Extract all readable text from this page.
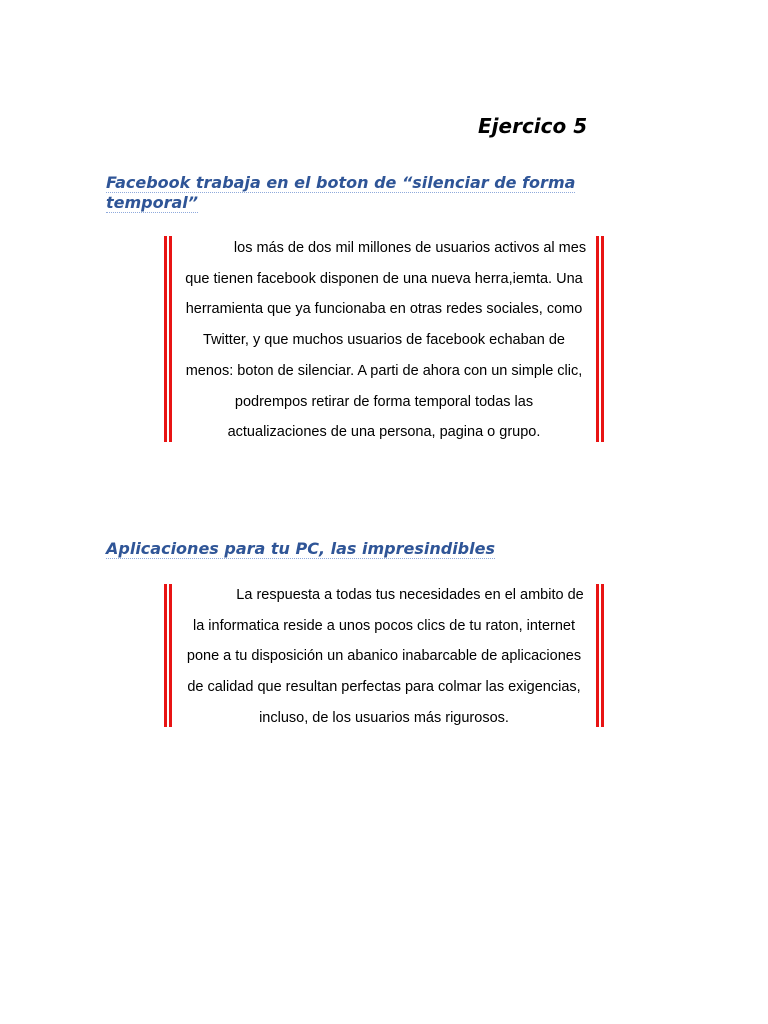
Ejercico 5
Facebook trabaja en el boton de “silenciar de forma
temporal”

los más de dos mil millones de usuarios activos al mes
que tienen facebook disponen de una nueva herra,iemta. Una
herramienta que ya funcionaba en otras redes sociales, como
Twitter, y que muchos usuarios de facebook echaban de
menos: boton de silenciar. A parti de ahora con un simple clic,
podrempos retirar de forma temporal todas las
actualizaciones de una persona, pagina o grupo.

Aplicaciones para tu PC, las impresindibles

La respuesta a todas tus necesidades en el ambito de
la informatica reside a unos pocos clics de tu raton, internet
pone a tu disposición un abanico inabarcable de aplicaciones
de calidad que resultan perfectas para colmar las exigencias,
incluso, de los usuarios más rigurosos.
